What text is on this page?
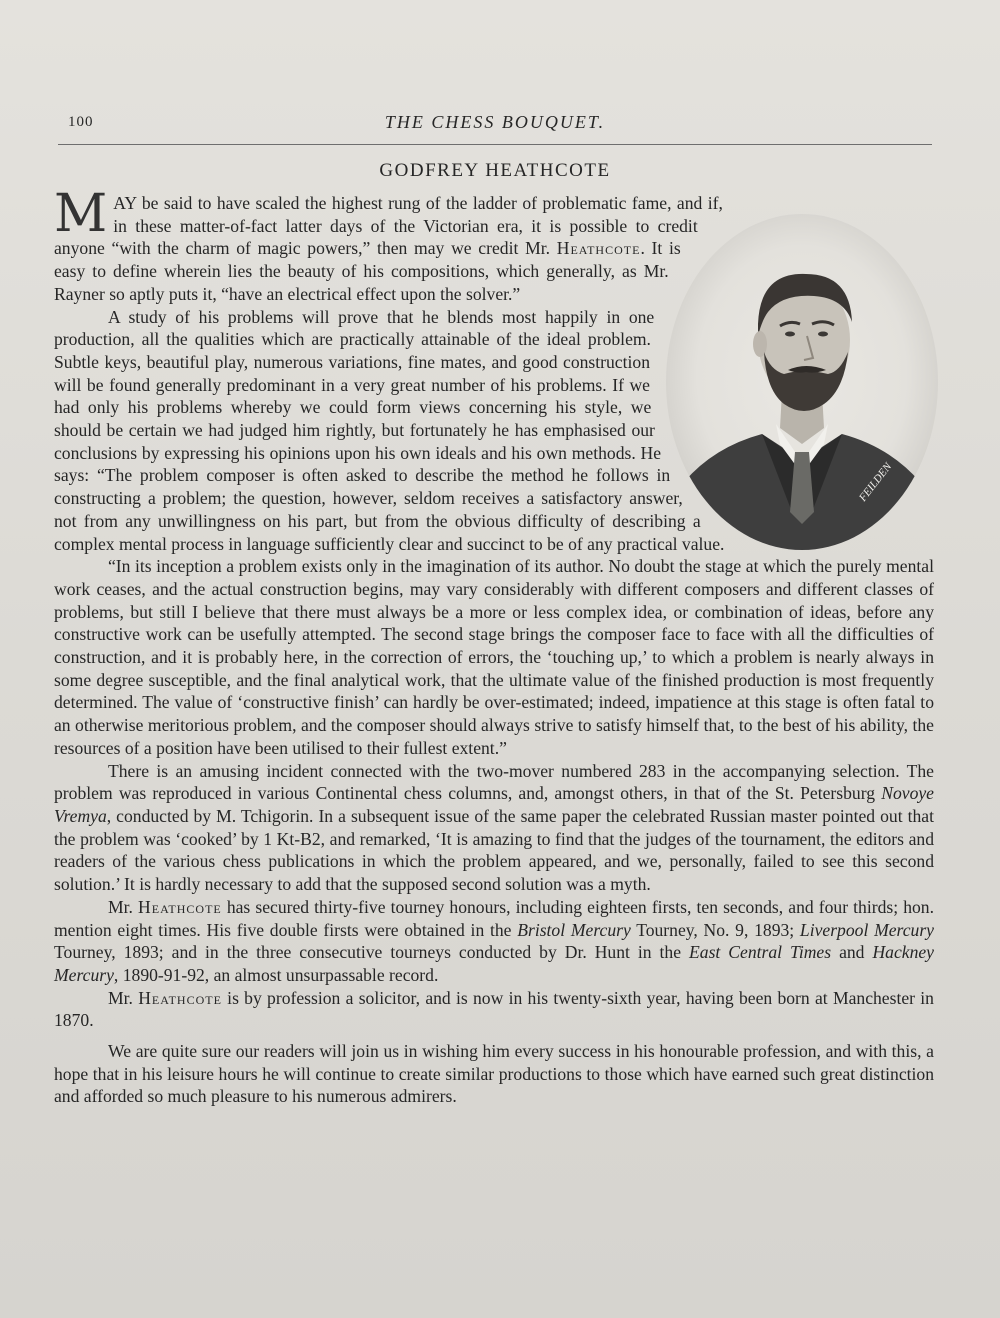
100	THE CHESS BOUQUET.
GODFREY HEATHCOTE
FEILDEN

MAY be said to have scaled the highest rung of the ladder of problematic fame, and if, in these matter-of-fact latter days of the Victorian era, it is possible to credit anyone “with the charm of magic powers,” then may we credit Mr. Heathcote. It is easy to define wherein lies the beauty of his compositions, which generally, as Mr. Rayner so aptly puts it, “have an electrical effect upon the solver.”

A study of his problems will prove that he blends most happily in one production, all the qualities which are practically attainable of the ideal problem. Subtle keys, beautiful play, numerous variations, fine mates, and good construction will be found generally predominant in a very great number of his problems. If we had only his problems whereby we could form views concerning his style, we should be certain we had judged him rightly, but fortunately he has emphasised our conclusions by expressing his opinions upon his own ideals and his own methods. He says: “The problem composer is often asked to describe the method he follows in constructing a problem; the question, however, seldom receives a satisfactory answer, not from any unwillingness on his part, but from the obvious difficulty of describing a complex mental process in language sufficiently clear and succinct to be of any practical value.

“In its inception a problem exists only in the imagination of its author. No doubt the stage at which the purely mental work ceases, and the actual construction begins, may vary considerably with different composers and different classes of problems, but still I believe that there must always be a more or less complex idea, or combination of ideas, before any constructive work can be usefully attempted. The second stage brings the composer face to face with all the difficulties of construction, and it is probably here, in the correction of errors, the ‘touching up,’ to which a problem is nearly always in some degree susceptible, and the final analytical work, that the ultimate value of the finished production is most frequently determined. The value of ‘constructive finish’ can hardly be over-estimated; indeed, impatience at this stage is often fatal to an otherwise meritorious problem, and the composer should always strive to satisfy himself that, to the best of his ability, the resources of a position have been utilised to their fullest extent.”

There is an amusing incident connected with the two-mover numbered 283 in the accompanying selection. The problem was reproduced in various Continental chess columns, and, amongst others, in that of the St. Petersburg Novoye Vremya, conducted by M. Tchigorin. In a subsequent issue of the same paper the celebrated Russian master pointed out that the problem was ‘cooked’ by 1 Kt-B2, and remarked, ‘It is amazing to find that the judges of the tournament, the editors and readers of the various chess publications in which the problem appeared, and we, personally, failed to see this second solution.’ It is hardly necessary to add that the supposed second solution was a myth.

Mr. Heathcote has secured thirty-five tourney honours, including eighteen firsts, ten seconds, and four thirds; hon. mention eight times. His five double firsts were obtained in the Bristol Mercury Tourney, No. 9, 1893; Liverpool Mercury Tourney, 1893; and in the three consecutive tourneys conducted by Dr. Hunt in the East Central Times and Hackney Mercury, 1890-91-92, an almost unsurpassable record.

Mr. Heathcote is by profession a solicitor, and is now in his twenty-sixth year, having been born at Manchester in 1870.

We are quite sure our readers will join us in wishing him every success in his honourable profession, and with this, a hope that in his leisure hours he will continue to create similar productions to those which have earned such great distinction and afforded so much pleasure to his numerous admirers.
